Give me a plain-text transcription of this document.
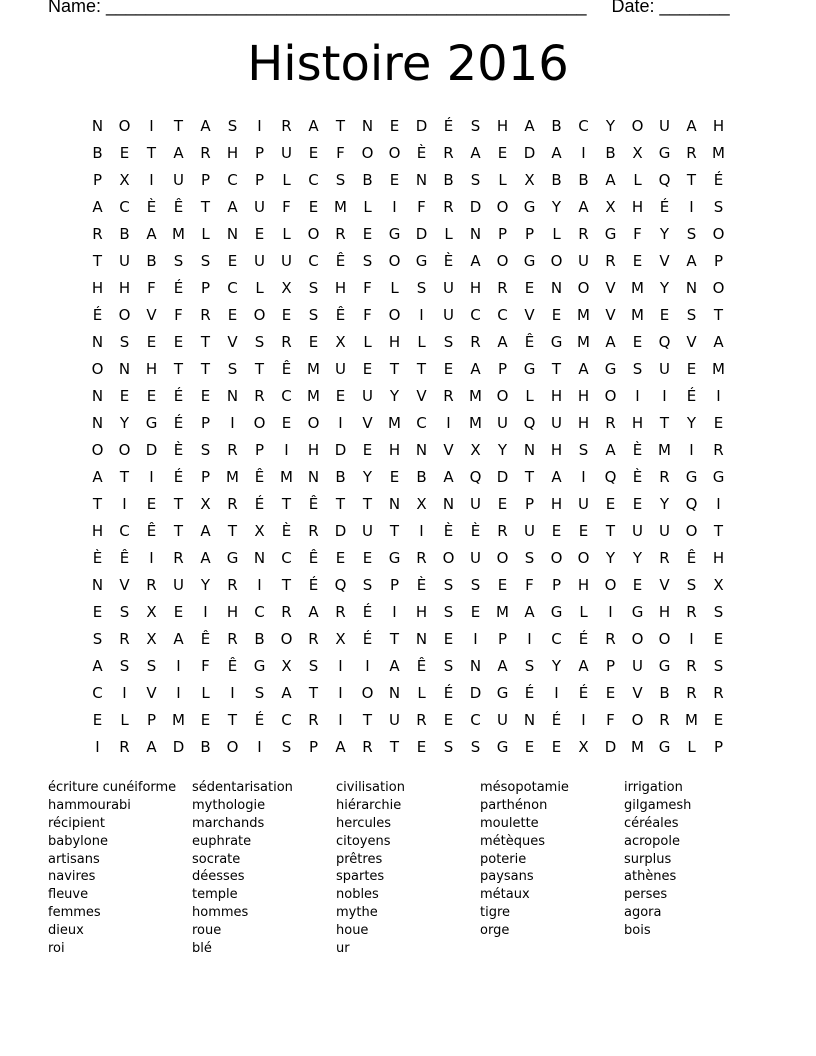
Name: ________________________________________________     Date: _______
Histoire 2016
N	O	I	T	A	S	I	R	A	T	N	E	D	É	S	H	A	B	C	Y	O	U	A	H
B	E	T	A	R	H	P	U	E	F	O	O	È	R	A	E	D	A	I	B	X	G	R	M
P	X	I	U	P	C	P	L	C	S	B	E	N	B	S	L	X	B	B	A	L	Q	T	É
A	C	È	Ê	T	A	U	F	E	M	L	I	F	R	D	O	G	Y	A	X	H	É	I	S
R	B	A	M	L	N	E	L	O	R	E	G	D	L	N	P	P	L	R	G	F	Y	S	O
T	U	B	S	S	E	U	U	C	Ê	S	O	G	È	A	O	G	O	U	R	E	V	A	P
H	H	F	É	P	C	L	X	S	H	F	L	S	U	H	R	E	N	O	V	M	Y	N	O
É	O	V	F	R	E	O	E	S	Ê	F	O	I	U	C	C	V	E	M	V	M	E	S	T
N	S	E	E	T	V	S	R	E	X	L	H	L	S	R	A	Ê	G M	A	E	Q	V	A
O	N	H	T	T	S	T	Ê	M	U	E	T	T	E	A	P	G	T	A	G	S	U	E	M
N	E	E	É	E	N	R	C	M	E	U	Y	V	R	M O	L	H	H	O	I	I	É	I
N	Y	G	É	P	I	O	E	O	I	V	M	C	I	M	U	Q	U	H	R	H	T	Y	E
O	O	D	È	S	R	P	I	H	D	E	H	N	V	X	Y	N	H	S	A	È	M	I	R
A	T	I	É	P	M	Ê	M N	B	Y	E	B	A	Q	D	T	A	I	Q	È	R	G	G
T	I	E	T	X	R	É	T	Ê	T	T	N	X	N	U	E	P	H	U	E	E	Y	Q	I
H	C	Ê	T	A	T	X	È	R	D	U	T	I	È	È	R	U	E	E	T	U	U	O	T
È	Ê	I	R	A	G	N	C	Ê	E	E	G	R	O	U	O	S	O	O	Y	Y	R	Ê	H
N	V	R	U	Y	R	I	T	É	Q	S	P	È	S	S	E	F	P	H	O	E	V	S	X
E	S	X	E	I	H	C	R	A	R	É	I	H	S	E	M	A	G	L	I	G	H	R	S
S	R	X	A	Ê	R	B	O	R	X	É	T	N	E	I	P	I	C	É	R	O	O	I	E
A	S	S	I	F	Ê	G	X	S	I	I	A	Ê	S	N	A	S	Y	A	P	U	G	R	S
C	I	V	I	L	I	S	A	T	I	O	N	L	É	D	G	É	I	É	E	V	B	R	R
E	L	P	M	E	T	É	C	R	I	T	U	R	E	C	U	N	É	I	F	O	R	M	E
I	R	A	D	B	O	I	S	P	A	R	T	E	S	S	G	E	E	X	D M G	L	P
écriture cunéiforme
hammourabi
récipient
babylone
artisans
navires
fleuve
femmes
dieux
roi
sédentarisation
mythologie
marchands
euphrate
socrate
déesses
temple
hommes
roue
blé
civilisation
hiérarchie
hercules
citoyens
prêtres
spartes
nobles
mythe
houe
ur
mésopotamie
parthénon
moulette
métèques
poterie
paysans
métaux
tigre
orge
irrigation
gilgamesh
céréales
acropole
surplus
athènes
perses
agora
bois
